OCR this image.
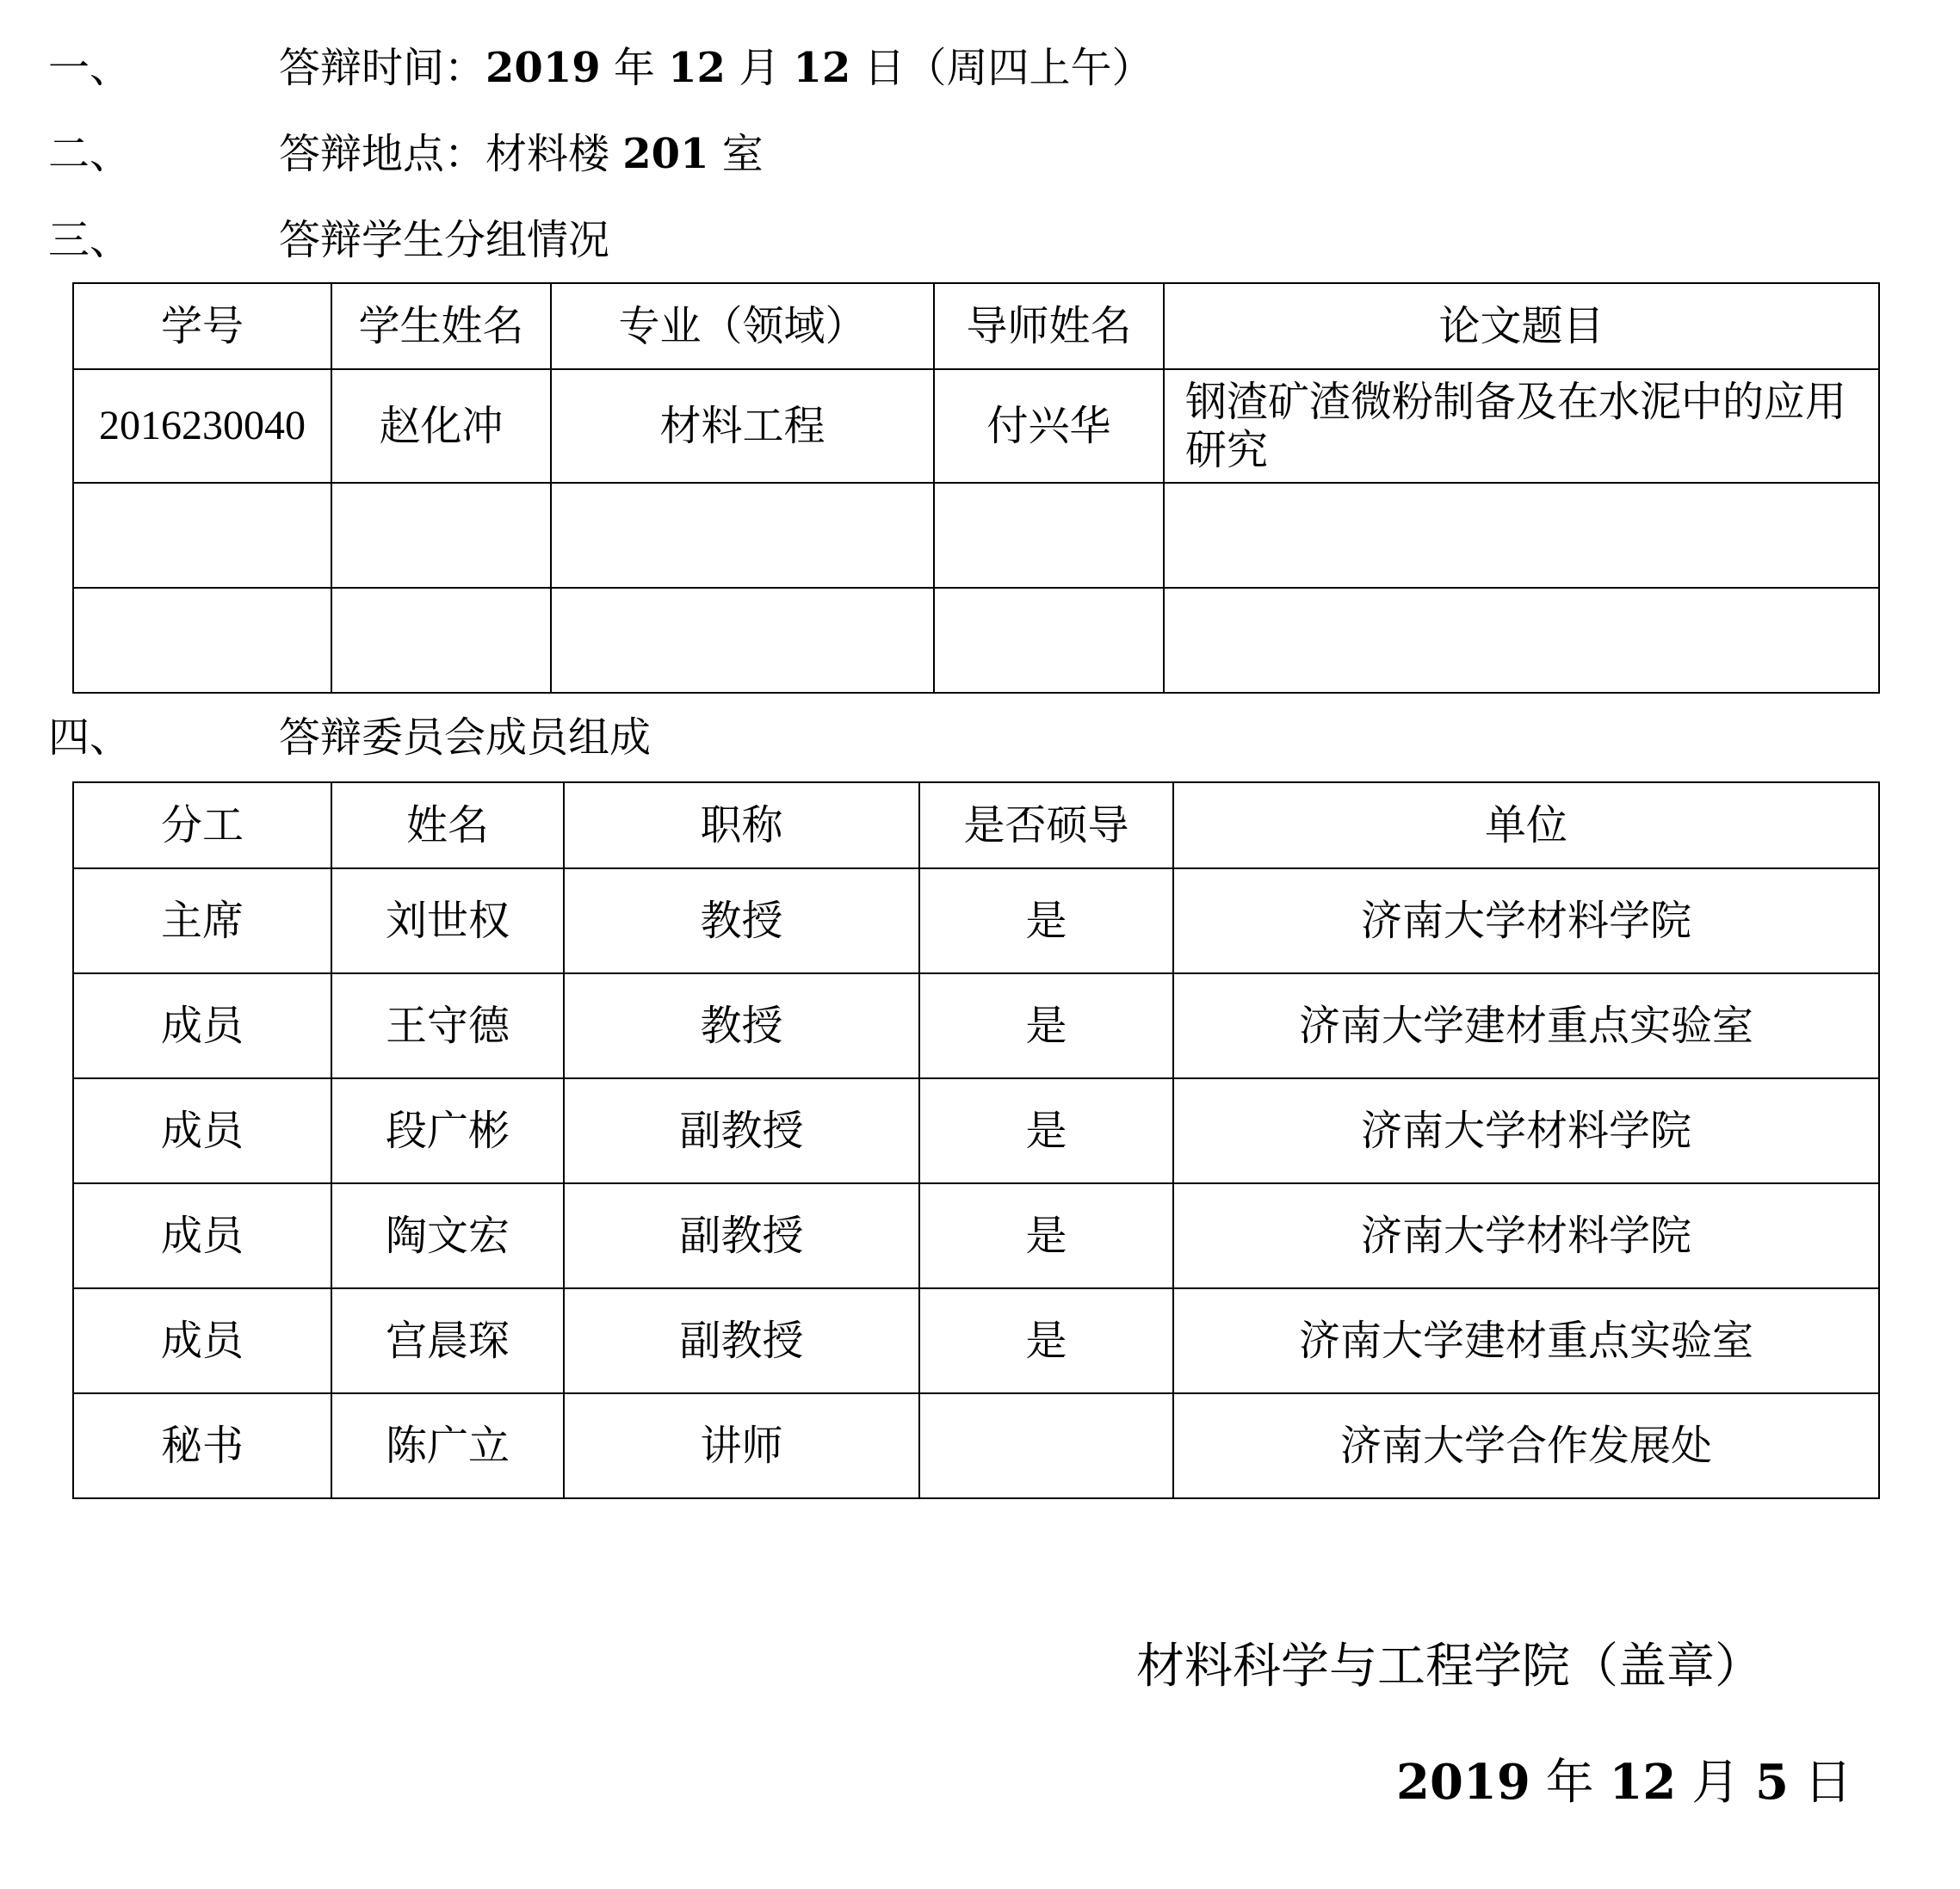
一、	答辩时间：2019 年 12 月 12 日（周四上午）
二、	答辩地点：材料楼 201 室
三、	答辩学生分组情况
学号	学生姓名	专业（领域）	导师姓名	论文题目
2016230040	赵化冲	材料工程	付兴华	钢渣矿渣微粉制备及在水泥中的应用研究

四、	答辩委员会成员组成
分工	姓名	职称	是否硕导	单位
主席	刘世权	教授	是	济南大学材料学院
成员	王守德	教授	是	济南大学建材重点实验室
成员	段广彬	副教授	是	济南大学材料学院
成员	陶文宏	副教授	是	济南大学材料学院
成员	宫晨琛	副教授	是	济南大学建材重点实验室
秘书	陈广立	讲师		济南大学合作发展处
材料科学与工程学院（盖章）
2019 年 12 月 5 日
